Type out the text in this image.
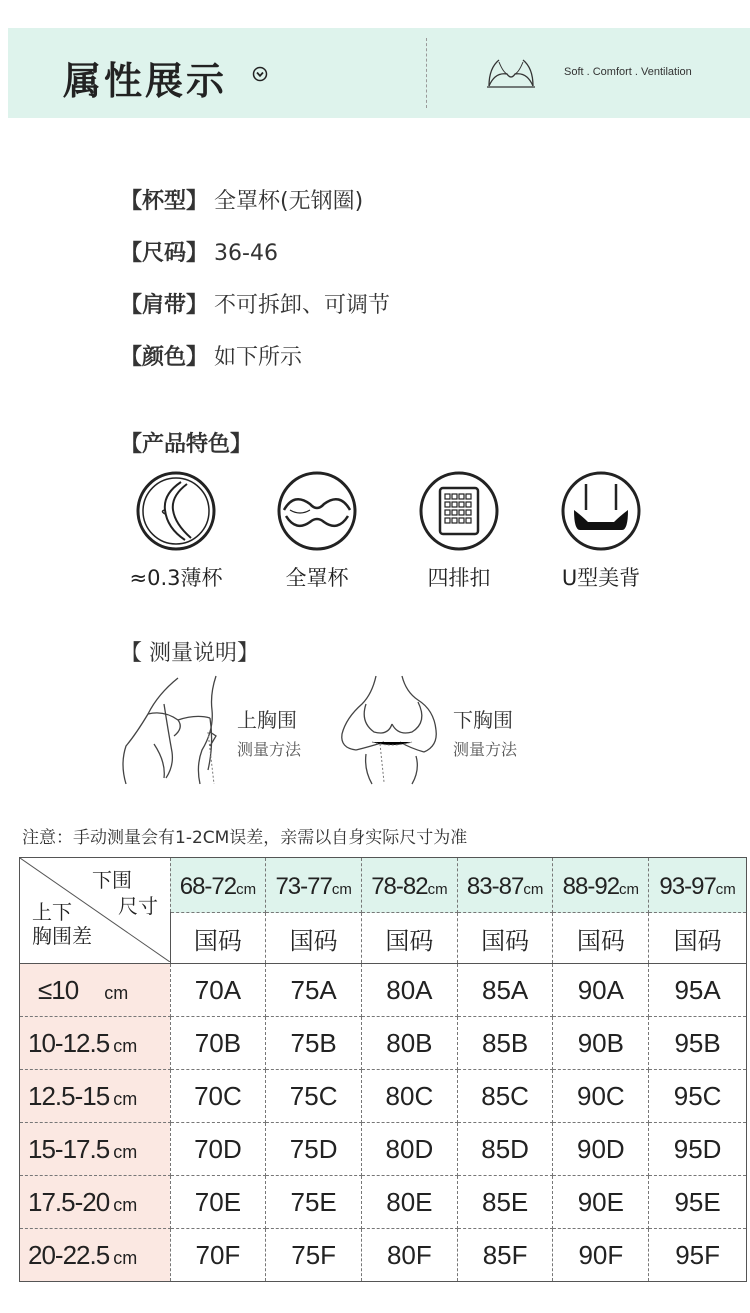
属性展示	Soft . Comfort . Ventilation
【杯型】 全罩杯(无钢圈)
【尺码】 36-46
【肩带】 不可拆卸、可调节
【颜色】 如下所示
【产品特色】
≈0.3薄杯	全罩杯	四排扣	U型美背
【 测量说明】
上胸围
测量方法
下胸围
测量方法
注意：手动测量会有1-2CM误差，亲需以自身实际尺寸为准
下围
尺寸
上下
胸围差	68-72cm	73-77cm	78-82cm	83-87cm	88-92cm	93-97cm
	国码	国码	国码	国码	国码	国码
≤10 cm	70A	75A	80A	85A	90A	95A
10-12.5 cm	70B	75B	80B	85B	90B	95B
12.5-15 cm	70C	75C	80C	85C	90C	95C
15-17.5 cm	70D	75D	80D	85D	90D	95D
17.5-20 cm	70E	75E	80E	85E	90E	95E
20-22.5 cm	70F	75F	80F	85F	90F	95F
